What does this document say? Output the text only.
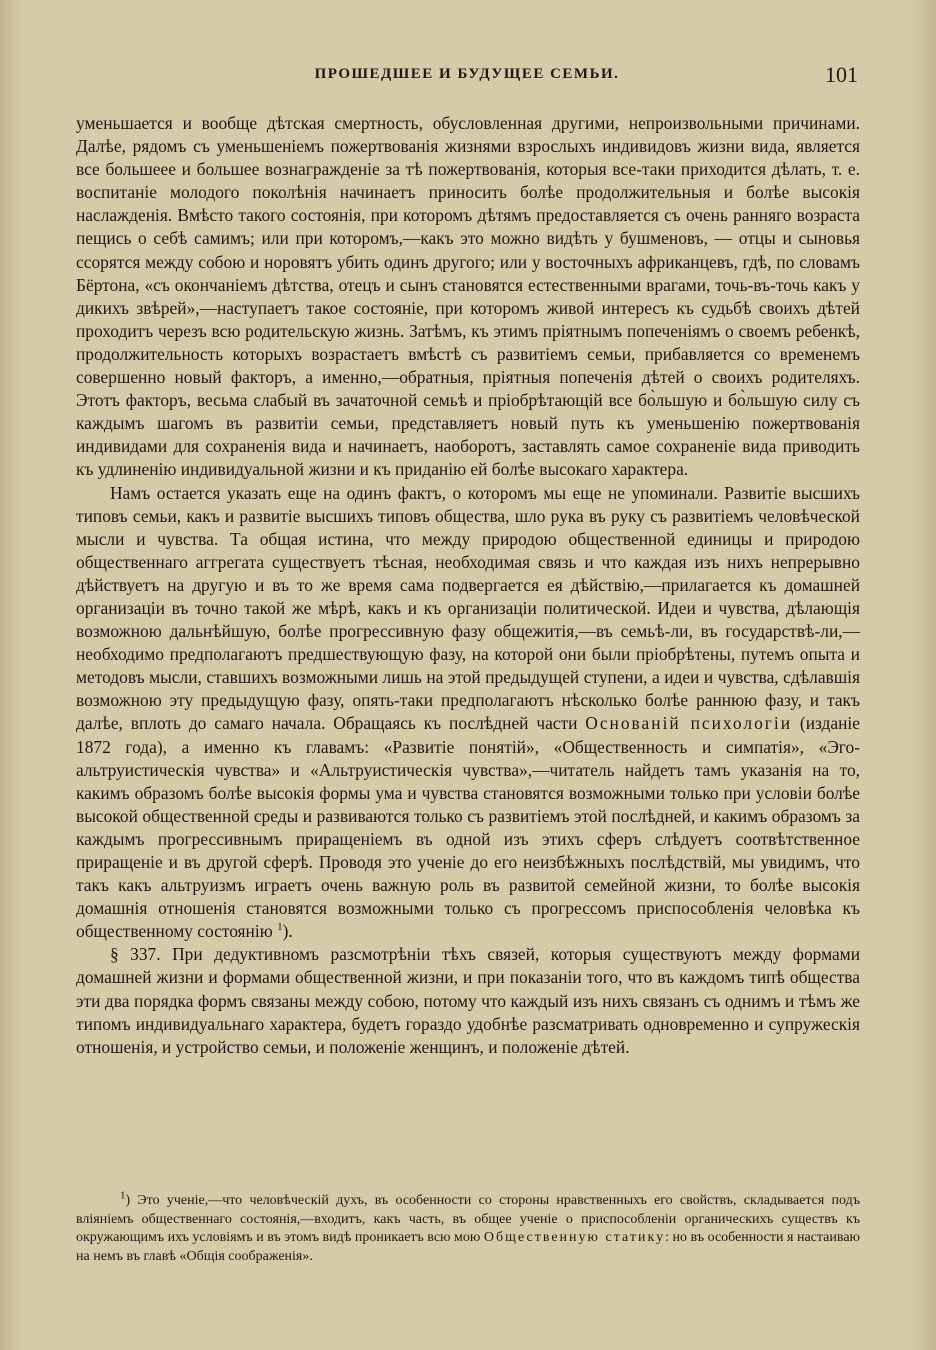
ПРОШЕДШЕЕ И БУДУЩЕЕ СЕМЬИ.	101

уменьшается и вообще дѣтская смертность, обусловленная другими, непроизвольными причинами. Далѣе, рядомъ съ уменьшеніемъ пожертвованія жизнями взрослыхъ индивидовъ жизни вида, является все большеее и большее вознагражденіе за тѣ пожертвованія, которыя все-таки приходится дѣлать, т. е. воспитаніе молодого поколѣнія начинаетъ приносить болѣе продолжительныя и болѣе высокія наслажденія. Вмѣсто такого состоянія, при которомъ дѣтямъ предоставляется съ очень ранняго возраста пещись о себѣ самимъ; или при которомъ,—какъ это можно видѣть у бушменовъ, — отцы и сыновья ссорятся между собою и норовятъ убить одинъ другого; или у восточныхъ африканцевъ, гдѣ, по словамъ Бёртона, «съ окончаніемъ дѣтства, отецъ и сынъ становятся естественными врагами, точь-въ-точь какъ у дикихъ звѣрей»,—наступаетъ такое состояніе, при которомъ живой интересъ къ судьбѣ своихъ дѣтей проходитъ черезъ всю родительскую жизнь. Затѣмъ, къ этимъ пріятнымъ попеченіямъ о своемъ ребенкѣ, продолжительность которыхъ возрастаетъ вмѣстѣ съ развитіемъ семьи, прибавляется со временемъ совершенно новый факторъ, а именно,—обратныя, пріятныя попеченія дѣтей о своихъ родителяхъ. Этотъ факторъ, весьма слабый въ зачаточной семьѣ и пріобрѣтающій все бо̀льшую и бо̀льшую силу съ каждымъ шагомъ въ развитіи семьи, представляетъ новый путь къ уменьшенію пожертвованія индивидами для сохраненія вида и начинаетъ, наоборотъ, заставлять самое сохраненіе вида приводить къ удлиненію индивидуальной жизни и къ приданію ей болѣе высокаго характера.

Намъ остается указать еще на одинъ фактъ, о которомъ мы еще не упоминали. Развитіе высшихъ типовъ семьи, какъ и развитіе высшихъ типовъ общества, шло рука въ руку съ развитіемъ человѣческой мысли и чувства. Та общая истина, что между природою общественной единицы и природою общественнаго аггрегата существуетъ тѣсная, необходимая связь и что каждая изъ нихъ непрерывно дѣйствуетъ на другую и въ то же время сама подвергается ея дѣйствію,—прилагается къ домашней организаціи въ точно такой же мѣрѣ, какъ и къ организаціи политической. Идеи и чувства, дѣлающія возможною дальнѣйшую, болѣе прогрессивную фазу общежитія,—въ семьѣ-ли, въ государствѣ-ли,—необходимо предполагаютъ предшествующую фазу, на которой они были пріобрѣтены, путемъ опыта и методовъ мысли, ставшихъ возможными лишь на этой предыдущей ступени, а идеи и чувства, сдѣлавшія возможною эту предыдущую фазу, опять-таки предполагаютъ нѣсколько болѣе раннюю фазу, и такъ далѣе, вплоть до самаго начала. Обращаясь къ послѣдней части Основаній психологіи (изданіе 1872 года), а именно къ главамъ: «Развитіе понятій», «Общественность и симпатія», «Эго-альтруистическія чувства» и «Альтруистическія чувства»,—читатель найдетъ тамъ указанія на то, какимъ образомъ болѣе высокія формы ума и чувства становятся возможными только при условіи болѣе высокой общественной среды и развиваются только съ развитіемъ этой послѣдней, и какимъ образомъ за каждымъ прогрессивнымъ приращеніемъ въ одной изъ этихъ сферъ слѣдуетъ соотвѣтственное приращеніе и въ другой сферѣ. Проводя это ученіе до его неизбѣжныхъ послѣдствій, мы увидимъ, что такъ какъ альтруизмъ играетъ очень важную роль въ развитой семейной жизни, то болѣе высокія домашнія отношенія становятся возможными только съ прогрессомъ приспособленія человѣка къ общественному состоянію $^1$).

§ 337. При дедуктивномъ разсмотрѣніи тѣхъ связей, которыя существуютъ между формами домашней жизни и формами общественной жизни, и при показаніи того, что въ каждомъ типѣ общества эти два порядка формъ связаны между собою, потому что каждый изъ нихъ связанъ съ однимъ и тѣмъ же типомъ индивидуальнаго характера, будетъ гораздо удобнѣе разсматривать одновременно и супружескія отношенія, и устройство семьи, и положеніе женщинъ, и положеніе дѣтей.

$^1$) Это ученіе,—что человѣческій духъ, въ особенности со стороны нравственныхъ его свойствъ, складывается подъ вліяніемъ общественнаго состоянія,—входитъ, какъ часть, въ общее ученіе о приспособленіи органическихъ существъ къ окружающимъ ихъ условіямъ и въ этомъ видѣ проникаетъ всю мою Общественную статику: но въ особенности я настаиваю на немъ въ главѣ «Общія соображенія».
